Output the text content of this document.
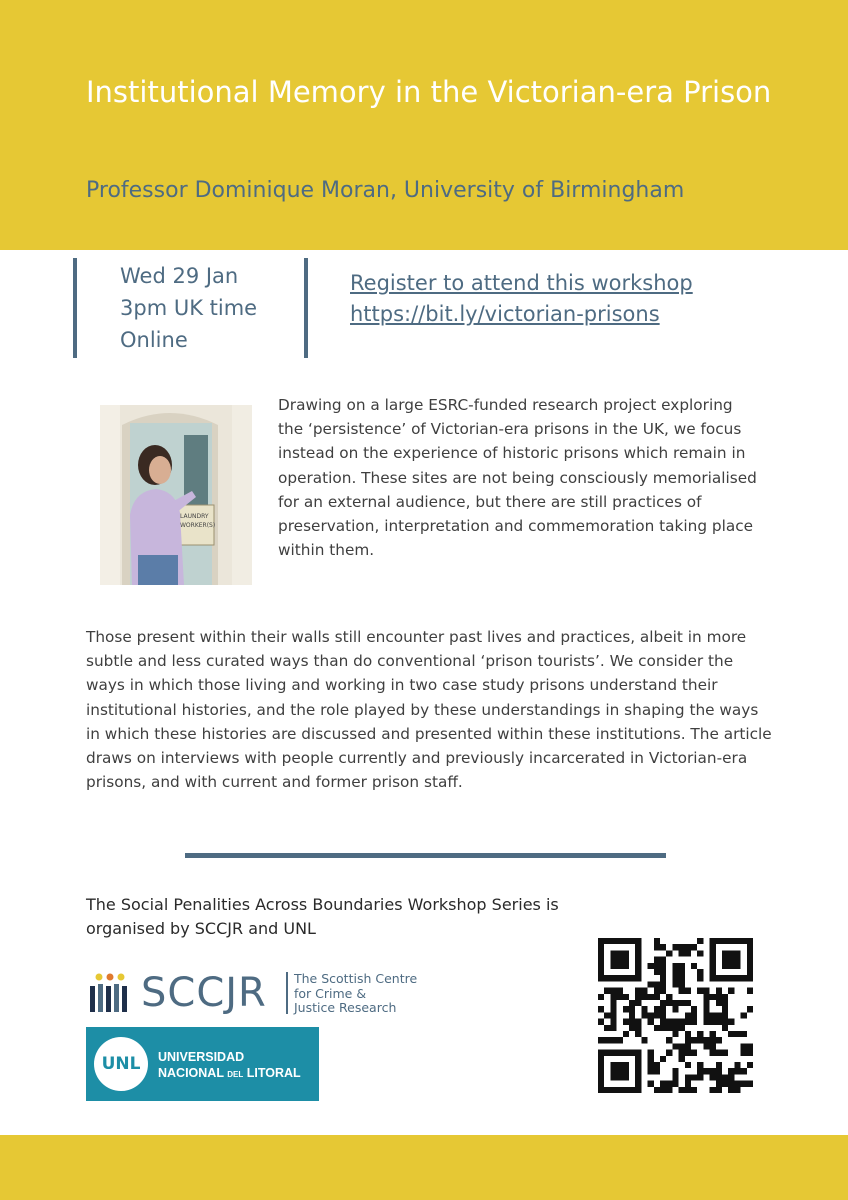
Institutional Memory in the Victorian-era Prison
Professor Dominique Moran, University of Birmingham
Wed 29 Jan
3pm UK time
Online
Register to attend this workshop
https://bit.ly/victorian-prisons
LAUNDRY
WORKER(S)

Drawing on a large ESRC-funded research project exploring the ‘persistence’ of Victorian-era prisons in the UK, we focus instead on the experience of historic prisons which remain in operation. These sites are not being consciously memorialised for an external audience, but there are still practices of preservation, interpretation and commemoration taking place within them.

Those present within their walls still encounter past lives and practices, albeit in more subtle and less curated ways than do conventional ‘prison tourists’. We consider the ways in which those living and working in two case study prisons understand their institutional histories, and the role played by these understandings in shaping the ways in which these histories are discussed and presented within these institutions. The article draws on interviews with people currently and previously incarcerated in Victorian-era prisons, and with current and former prison staff.

The Social Penalities Across Boundaries Workshop Series is organised by SCCJR and UNL

SCCJR The Scottish Centre
for Crime &
Justice Research
UNL	UNIVERSIDAD
NACIONAL DEL LITORAL
